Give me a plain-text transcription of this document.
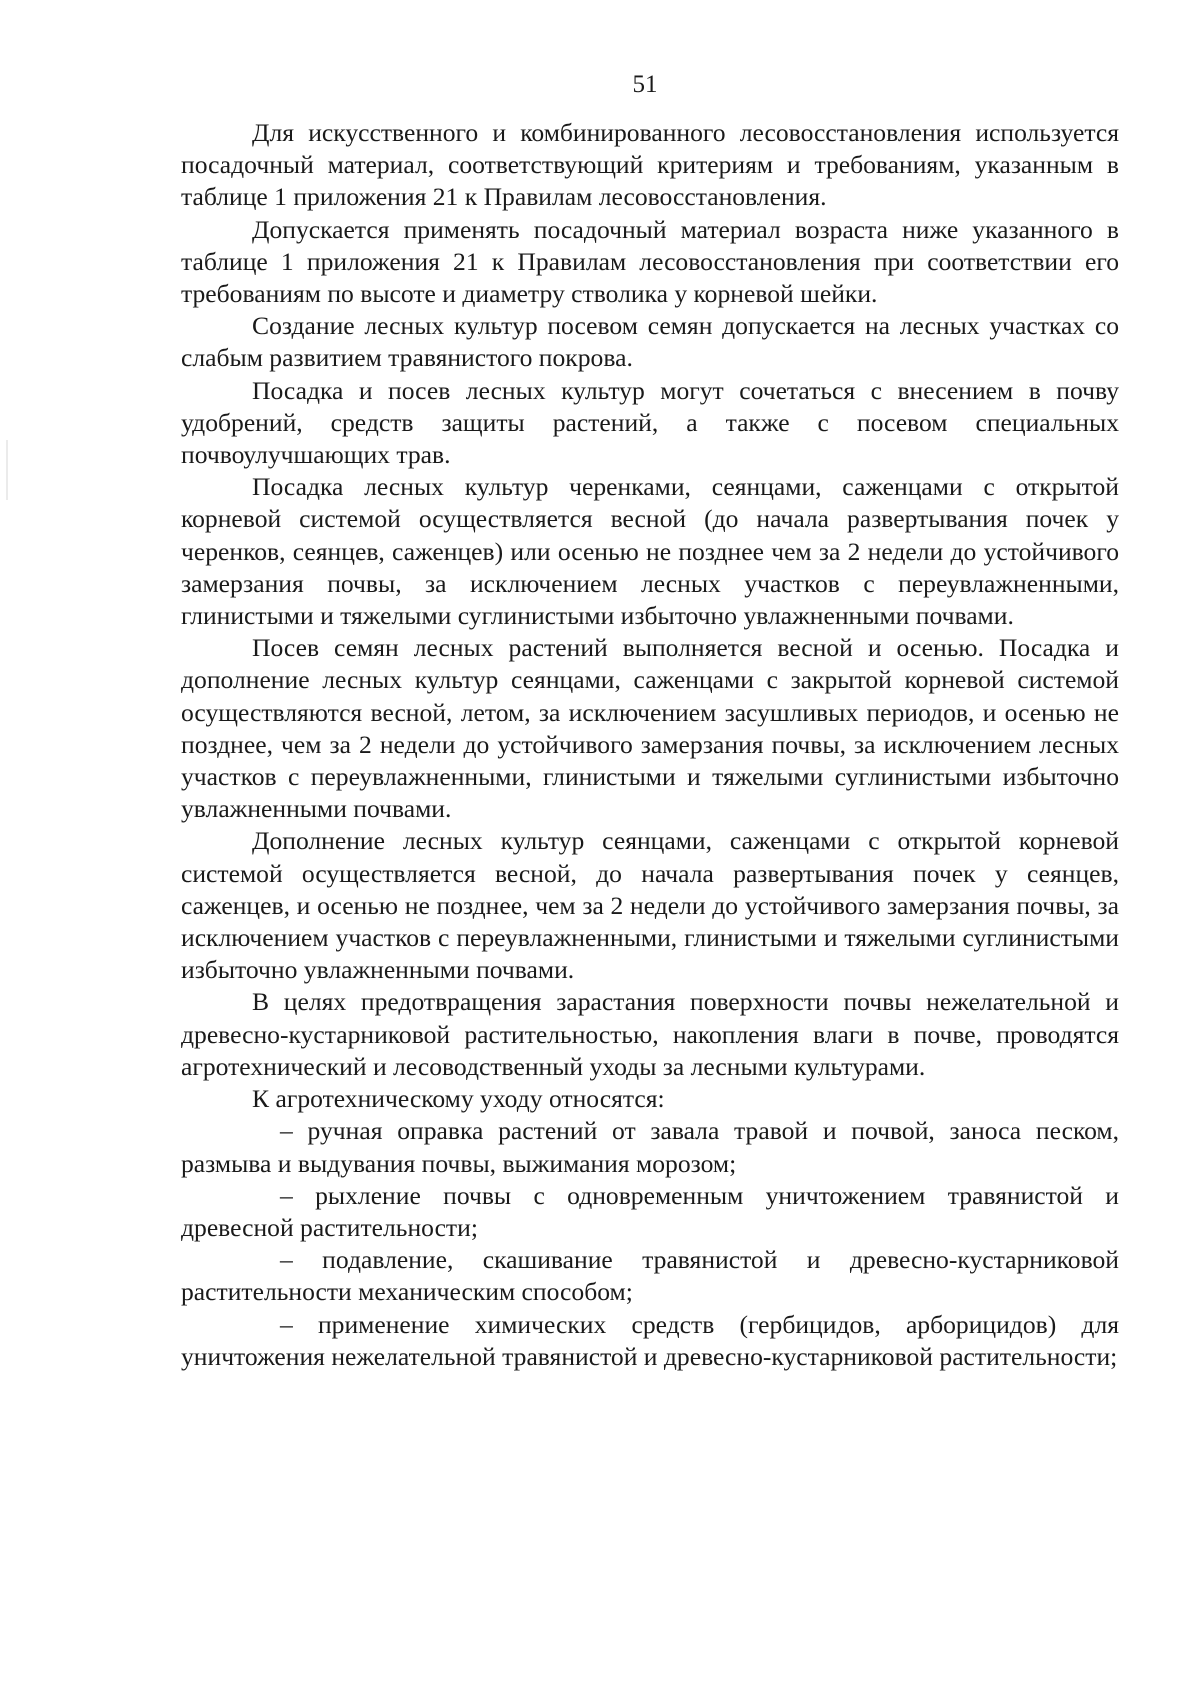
51

Для искусственного и комбинированного лесовосстановления используется посадочный материал, соответствующий критериям и требованиям, указанным в таблице 1 приложения 21 к Правилам лесовосстановления.

Допускается применять посадочный материал возраста ниже указанного в таблице 1 приложения 21 к Правилам лесовосстановления при соответствии его требованиям по высоте и диаметру стволика у корневой шейки.

Создание лесных культур посевом семян допускается на лесных участках со слабым развитием травянистого покрова.

Посадка и посев лесных культур могут сочетаться с внесением в почву удобрений, средств защиты растений, а также с посевом специальных почвоулучшающих трав.

Посадка лесных культур черенками, сеянцами, саженцами с открытой корневой системой осуществляется весной (до начала развертывания почек у черенков, сеянцев, саженцев) или осенью не позднее чем за 2 недели до устойчивого замерзания почвы, за исключением лесных участков с переувлажненными, глинистыми и тяжелыми суглинистыми избыточно увлажненными почвами.

Посев семян лесных растений выполняется весной и осенью. Посадка и дополнение лесных культур сеянцами, саженцами с закрытой корневой системой осуществляются весной, летом, за исключением засушливых периодов, и осенью не позднее, чем за 2 недели до устойчивого замерзания почвы, за исключением лесных участков с переувлажненными, глинистыми и тяжелыми суглинистыми избыточно увлажненными почвами.

Дополнение лесных культур сеянцами, саженцами с открытой корневой системой осуществляется весной, до начала развертывания почек у сеянцев, саженцев, и осенью не позднее, чем за 2 недели до устойчивого замерзания почвы, за исключением участков с переувлажненными, глинистыми и тяжелыми суглинистыми избыточно увлажненными почвами.

В целях предотвращения зарастания поверхности почвы нежелательной и древесно-кустарниковой растительностью, накопления влаги в почве, проводятся агротехнический и лесоводственный уходы за лесными культурами.

К агротехническому уходу относятся:

– ручная оправка растений от завала травой и почвой, заноса песком, размыва и выдувания почвы, выжимания морозом;

– рыхление почвы с одновременным уничтожением травянистой и древесной растительности;

– подавление, скашивание травянистой и древесно-кустарниковой растительности механическим способом;

– применение химических средств (гербицидов, арборицидов) для уничтожения нежелательной травянистой и древесно-кустарниковой растительности;
